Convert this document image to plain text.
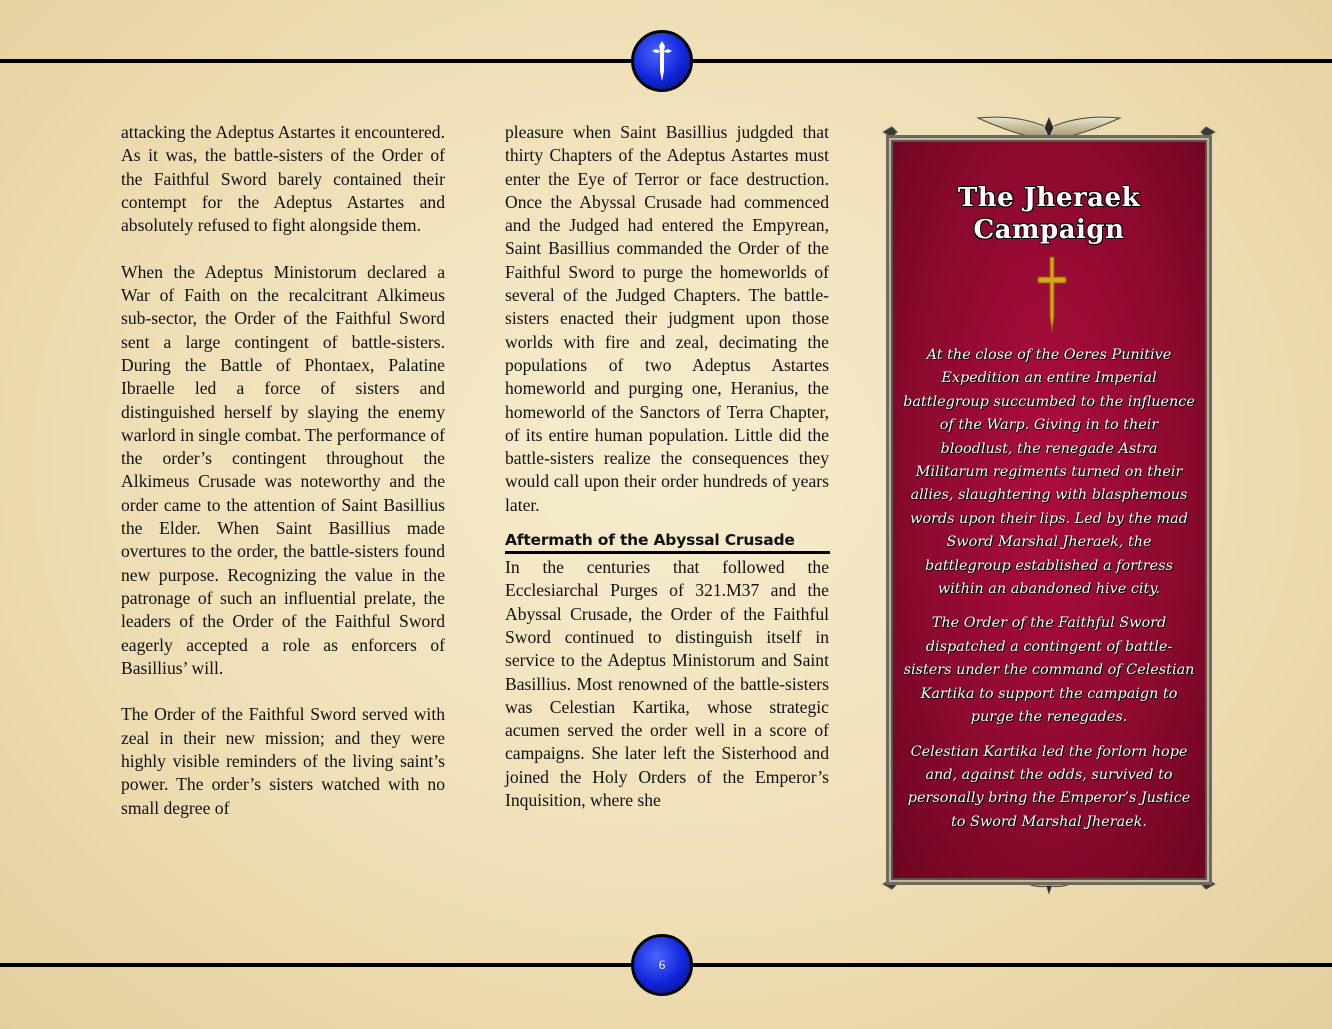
6

attacking the Adeptus Astartes it encountered. As it was, the battle-sisters of the Order of the Faithful Sword barely contained their contempt for the Adeptus Astartes and absolutely refused to fight alongside them.

When the Adeptus Ministorum declared a War of Faith on the recalcitrant Alkimeus sub-sector, the Order of the Faithful Sword sent a large contingent of battle-sisters. During the Battle of Phontaex, Palatine Ibraelle led a force of sisters and distinguished herself by slaying the enemy warlord in single combat. The performance of the order’s contingent throughout the Alkimeus Crusade was noteworthy and the order came to the attention of Saint Basillius the Elder. When Saint Basillius made overtures to the order, the battle-sisters found new purpose. Recognizing the value in the patronage of such an influential prelate, the leaders of the Order of the Faithful Sword eagerly accepted a role as enforcers of Basillius’ will.

The Order of the Faithful Sword served with zeal in their new mission; and they were highly visible reminders of the living saint’s power. The order’s sisters watched with no small degree of

pleasure when Saint Basillius judgded that thirty Chapters of the Adeptus Astartes must enter the Eye of Terror or face destruction. Once the Abyssal Crusade had commenced and the Judged had entered the Empyrean, Saint Basillius commanded the Order of the Faithful Sword to purge the homeworlds of several of the Judged Chapters. The battle-sisters enacted their judgment upon those worlds with fire and zeal, decimating the populations of two Adeptus Astartes homeworld and purging one, Heranius, the homeworld of the Sanctors of Terra Chapter, of its entire human population. Little did the battle-sisters realize the consequences they would call upon their order hundreds of years later.

Aftermath of the Abyssal Crusade

In the centuries that followed the Ecclesiarchal Purges of 321.M37 and the Abyssal Crusade, the Order of the Faithful Sword continued to distinguish itself in service to the Adeptus Ministorum and Saint Basillius. Most renowned of the battle-sisters was Celestian Kartika, whose strategic acumen served the order well in a score of campaigns. She later left the Sisterhood and joined the Holy Orders of the Emperor’s Inquisition, where she

The Jheraek
Campaign

At the close of the Oeres Punitive Expedition an entire Imperial battlegroup succumbed to the influence of the Warp. Giving in to their bloodlust, the renegade Astra Militarum regiments turned on their allies, slaughtering with blasphemous words upon their lips. Led by the mad Sword Marshal Jheraek, the battlegroup established a fortress within an abandoned hive city.

The Order of the Faithful Sword dispatched a contingent of battle-sisters under the command of Celestian Kartika to support the campaign to purge the renegades.

Celestian Kartika led the forlorn hope and, against the odds, survived to personally bring the Emperor’s Justice to Sword Marshal Jheraek.
